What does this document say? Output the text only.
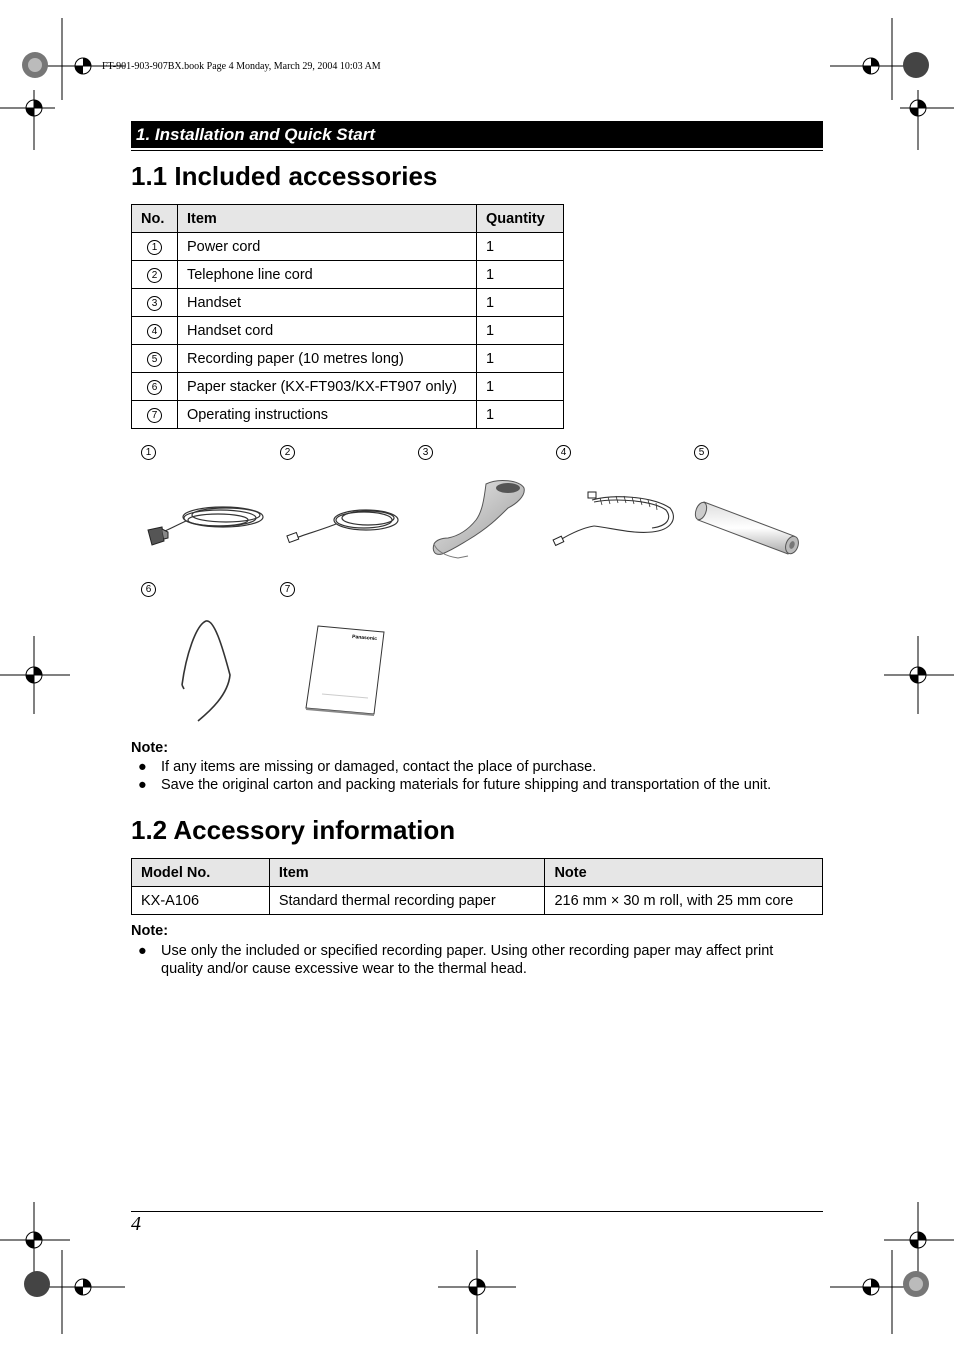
FT-901-903-907BX.book Page 4 Monday, March 29, 2004 10:03 AM
1. Installation and Quick Start
1.1 Included accessories
No.	Item	Quantity
1	Power cord	1
2	Telephone line cord	1
3	Handset	1
4	Handset cord	1
5	Recording paper (10 metres long)	1
6	Paper stacker (KX-FT903/KX-FT907 only)	1
7	Operating instructions	1
1	2	3	4	5
6	7
Panasonic
Note:
● If any items are missing or damaged, contact the place of purchase.
● Save the original carton and packing materials for future shipping and transportation of the unit.
1.2 Accessory information
Model No.	Item	Note
KX-A106	Standard thermal recording paper	216 mm × 30 m roll, with 25 mm core
Note:
● Use only the included or specified recording paper. Using other recording paper may affect print
quality and/or cause excessive wear to the thermal head.
4
